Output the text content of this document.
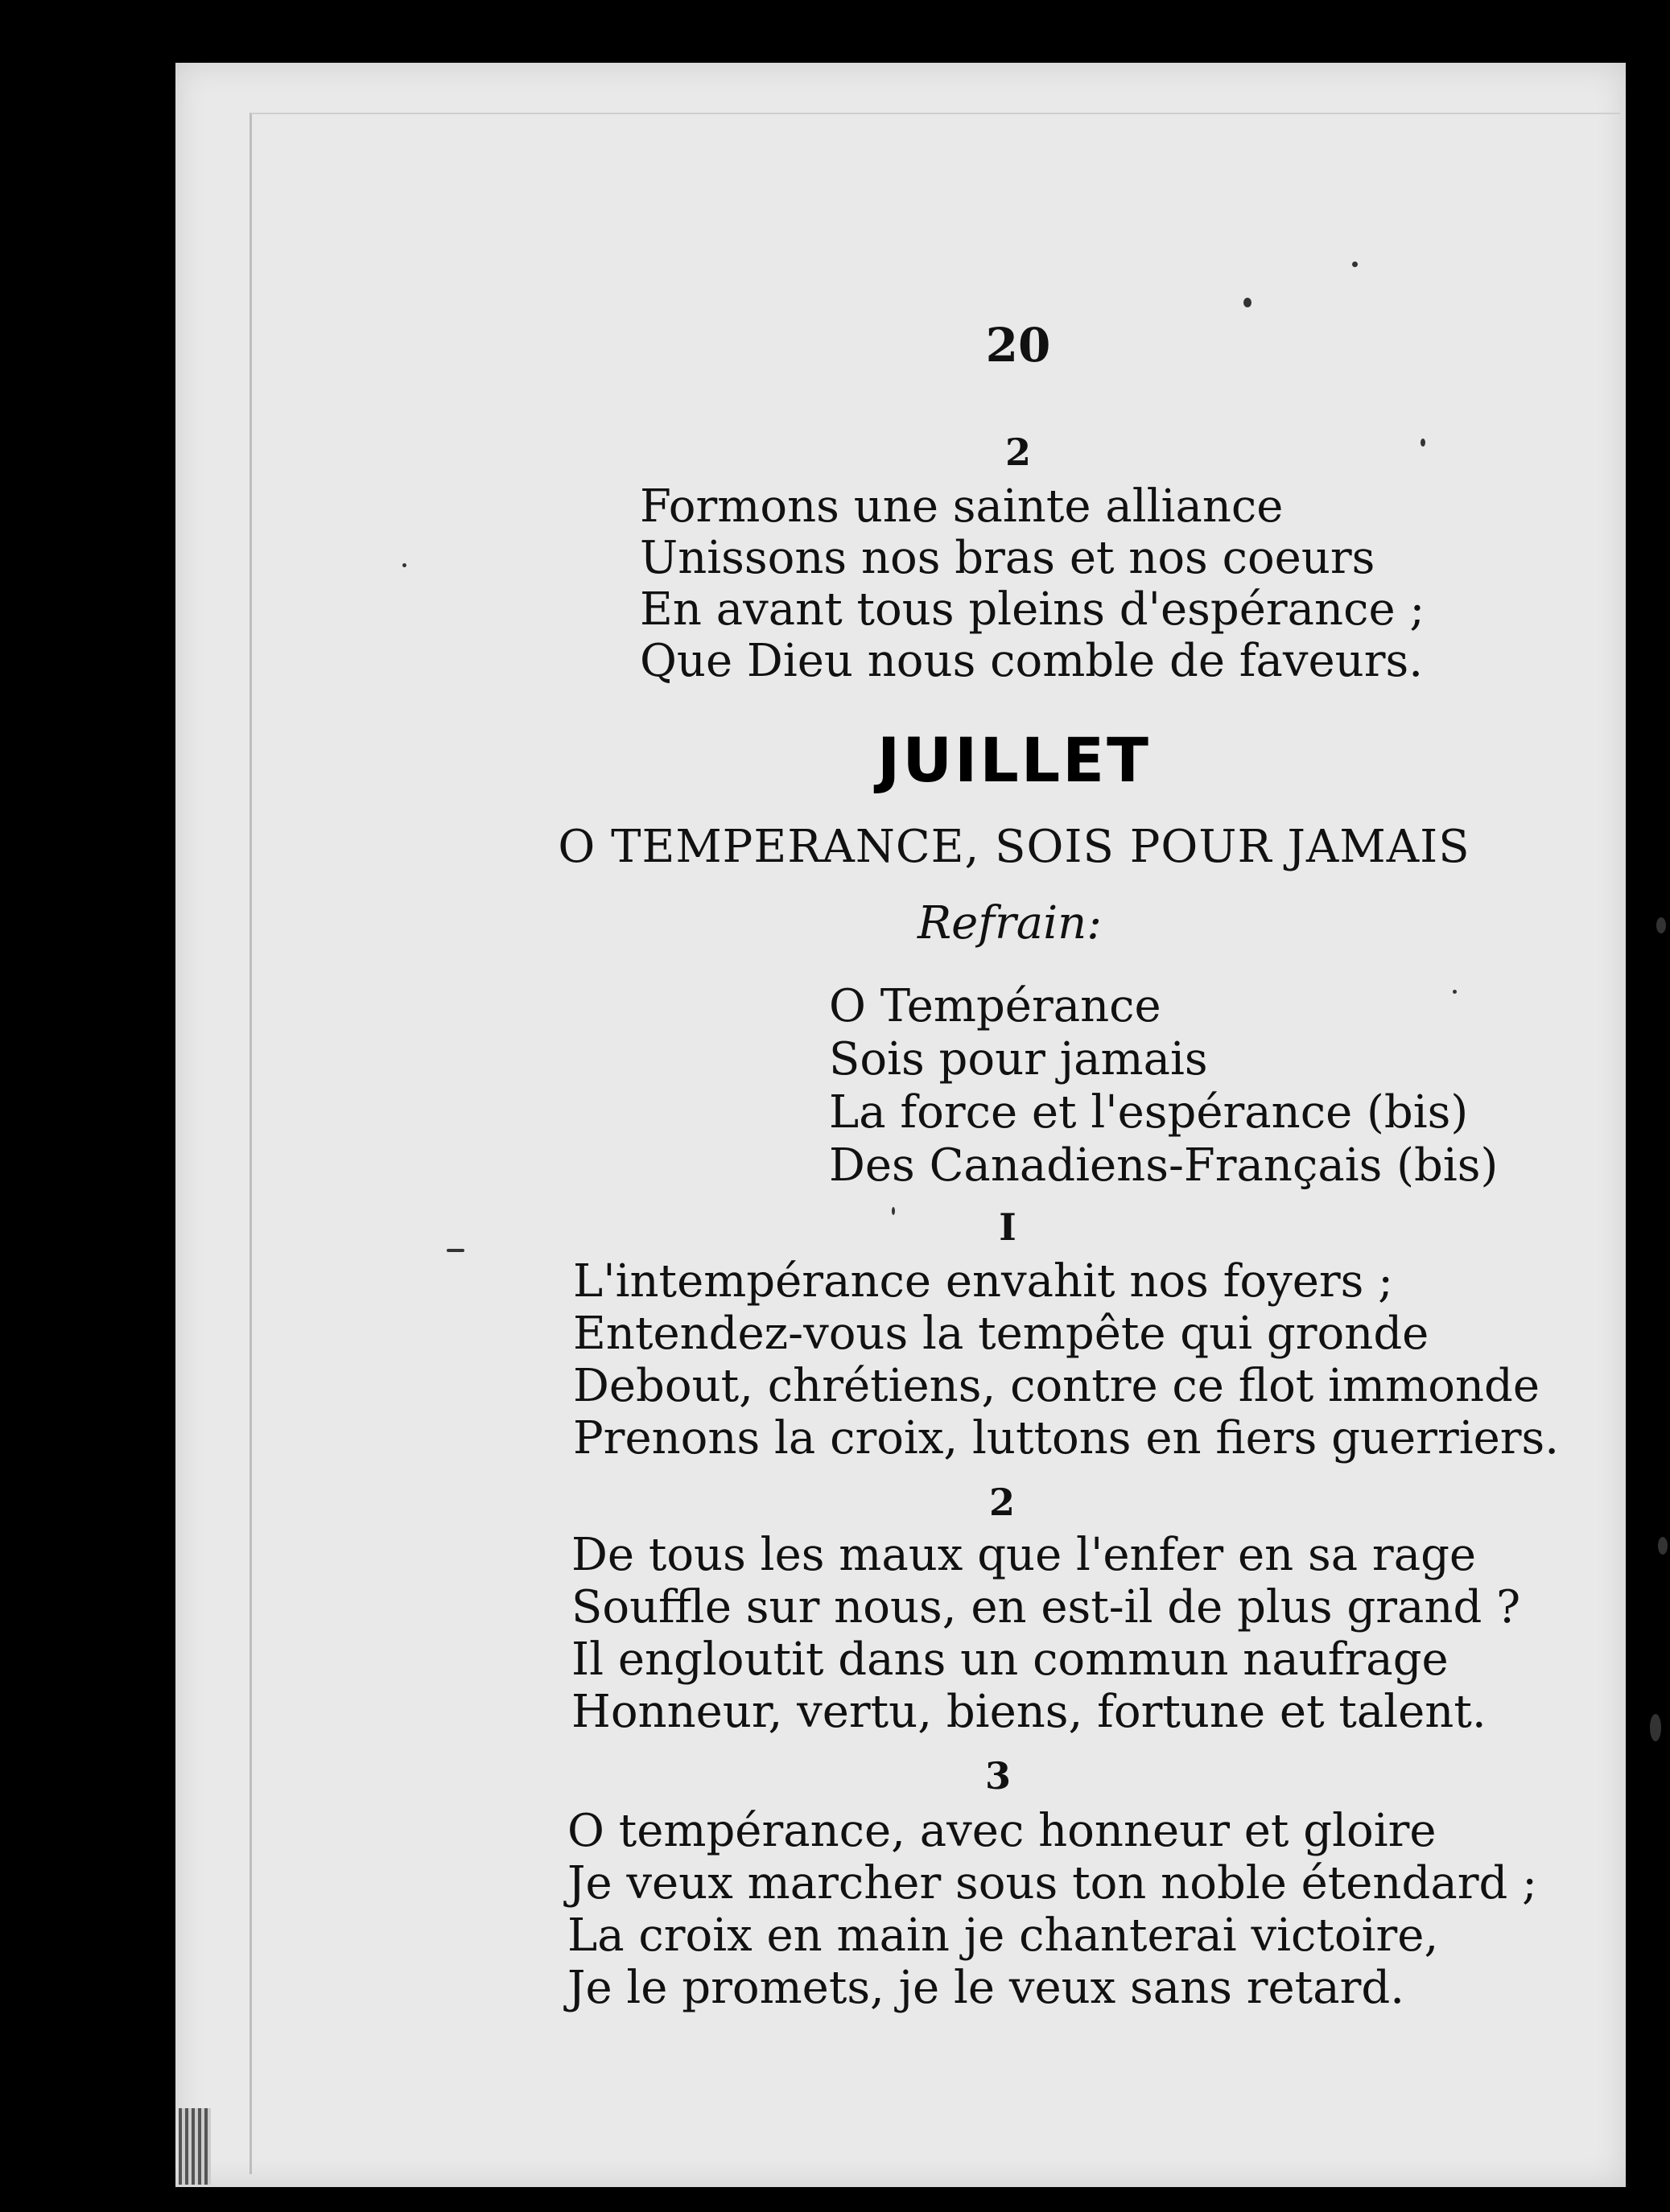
20
2
Formons une sainte alliance
Unissons nos bras et nos coeurs
En avant tous pleins d'espérance ;
Que Dieu nous comble de faveurs.
JUILLET
O TEMPERANCE, SOIS POUR JAMAIS
Refrain:
O Tempérance
Sois pour jamais
La force et l'espérance (bis)
Des Canadiens-Français (bis)
I
L'intempérance envahit nos foyers ;
Entendez-vous la tempête qui gronde
Debout, chrétiens, contre ce flot immonde
Prenons la croix, luttons en fiers guerriers.
2
De tous les maux que l'enfer en sa rage
Souffle sur nous, en est-il de plus grand ?
Il engloutit dans un commun naufrage
Honneur, vertu, biens, fortune et talent.
3
O tempérance, avec honneur et gloire
Je veux marcher sous ton noble étendard ;
La croix en main je chanterai victoire,
Je le promets, je le veux sans retard.
